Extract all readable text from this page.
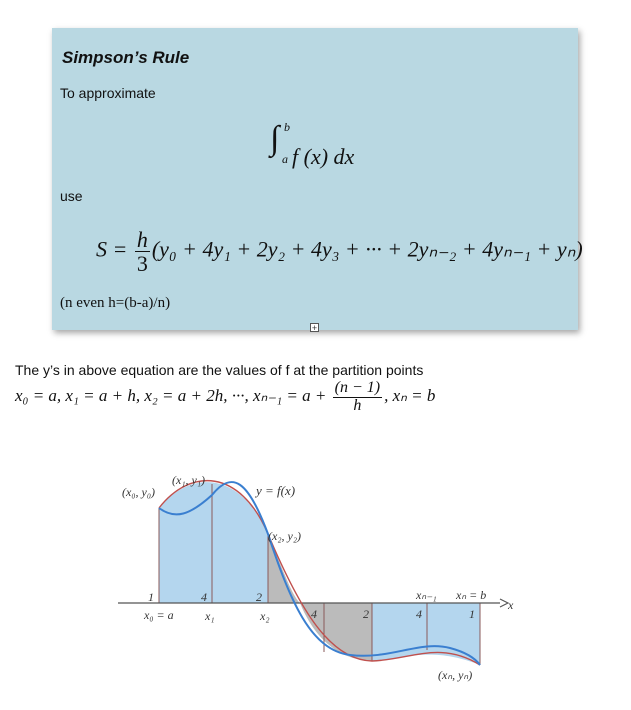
Simpson’s Rule
To approximate
∫ b
a f (x) dx
use
$S = \frac{h}{3} (y_0 + 4y_1 + 2y_2 + 4y_3$ + ··· + 2yₙ₋₂ + 4yₙ₋₁ + yₙ)
(n even h=(b-a)/n)
+
The y’s in above equation are the values of f at the partition points
x₀ = a, x₁ = a + h, x₂ = a + 2h, ···, $x_{n-1} = a + \frac{(n - 1)}{h}$ , xₙ = b
(x₀, y₀)
(x₁, y₁)
y = f(x)
(x₂, y₂)
(xₙ, yₙ)
x
xₙ₋₁ xₙ = b
x₀ = a	x₁	x₂
1	4	2
4	2	4	1
